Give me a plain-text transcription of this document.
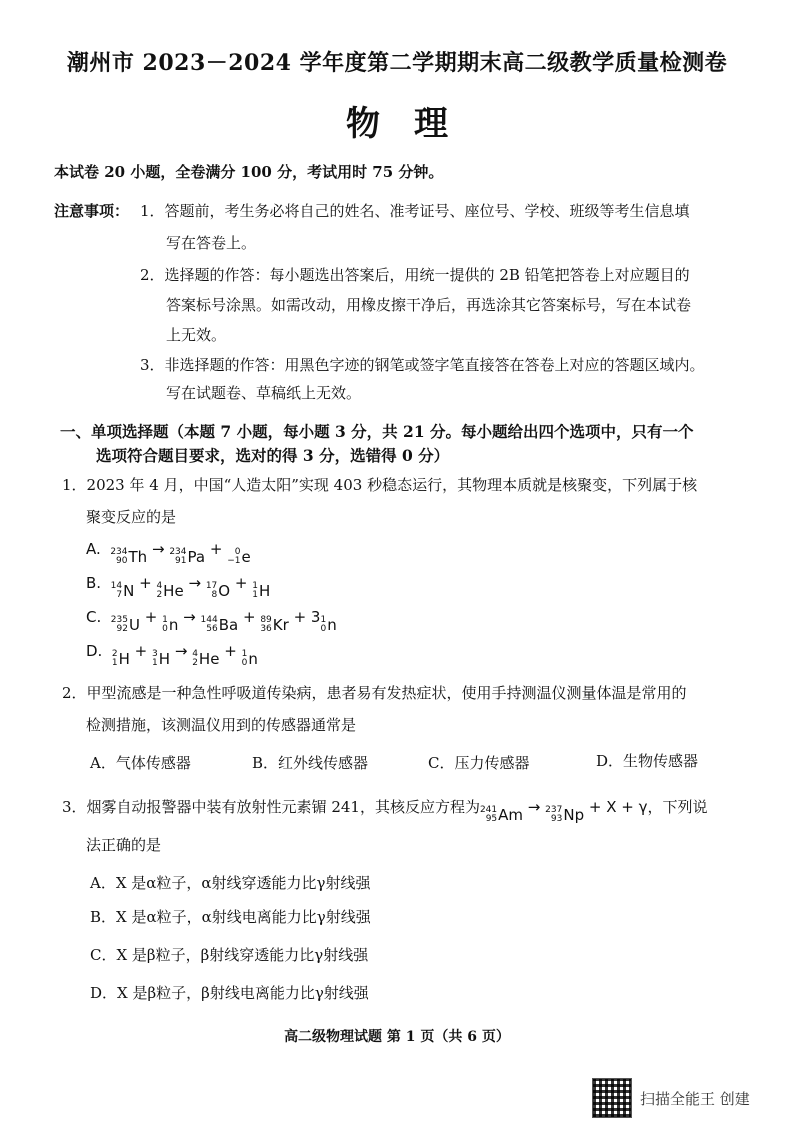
潮州市 2023－2024 学年度第二学期期末高二级教学质量检测卷
物理
本试卷 20 小题，全卷满分 100 分，考试用时 75 分钟。
注意事项： 1．答题前，考生务必将自己的姓名、准考证号、座位号、学校、班级等考生信息填
写在答卷上。
2．选择题的作答：每小题选出答案后，用统一提供的 2B 铅笔把答卷上对应题目的
答案标号涂黑。如需改动，用橡皮擦干净后，再选涂其它答案标号，写在本试卷
上无效。
3．非选择题的作答：用黑色字迹的钢笔或签字笔直接答在答卷上对应的答题区域内。
写在试题卷、草稿纸上无效。
一、单项选择题（本题 7 小题，每小题 3 分，共 21 分。每小题给出四个选项中，只有一个
选项符合题目要求，选对的得 3 分，选错得 0 分）
1．2023 年 4 月，中国“人造太阳”实现 403 秒稳态运行，其物理本质就是核聚变，下列属于核
聚变反应的是
A. 234
90 Th → 234
91 Pa + 0
−1 e
B. 14
7 N + 4
2 He → 17
8 O + 1
1 H
C. 235
92 U + 1
0 n → 144
56 Ba + 89
36 Kr + 3 1
0 n
D. 2
1 H + 3
1 H → 4
2 He + 1
0 n
2．甲型流感是一种急性呼吸道传染病，患者易有发热症状，使用手持测温仪测量体温是常用的
检测措施，该测温仪用到的传感器通常是
A．气体传感器	B．红外线传感器	C．压力传感器	D．生物传感器
3．烟雾自动报警器中装有放射性元素镅 241，其核反应方程为 241
95 Am → 237
93 Np + X + γ，下列说
法正确的是
A．X 是α粒子，α射线穿透能力比γ射线强
B．X 是α粒子，α射线电离能力比γ射线强
C．X 是β粒子，β射线穿透能力比γ射线强
D．X 是β粒子，β射线电离能力比γ射线强
高二级物理试题 第 1 页（共 6 页）
扫描全能王 创建
